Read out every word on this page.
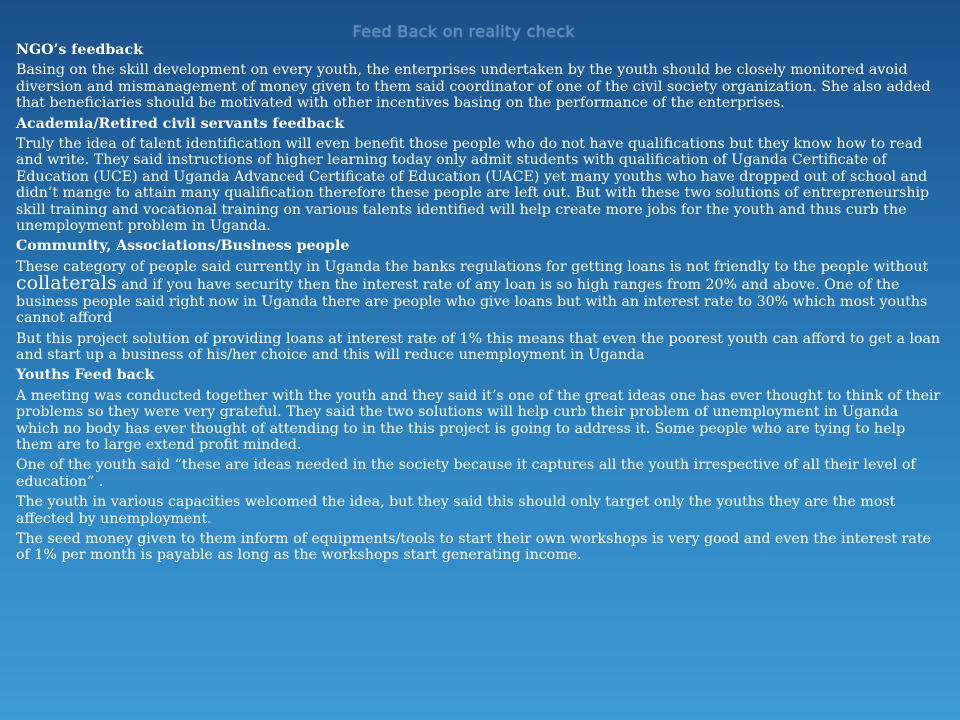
Feed Back on reality check

NGO’s feedback

Basing on the skill development on every youth, the enterprises undertaken by the youth should be closely monitored avoid diversion and mismanagement of money given to them said coordinator of one of the civil society organization. She also added that beneficiaries should be motivated with other incentives basing on the performance of the enterprises.

Academia/Retired civil servants feedback

Truly the idea of talent identification will even benefit those people who do not have qualifications but they know how to read and write. They said instructions of higher learning today only admit students with qualification of Uganda Certificate of Education (UCE) and Uganda Advanced Certificate of Education (UACE) yet many youths who have dropped out of school and didn’t mange to attain many qualification therefore these people are left out. But with these two solutions of entrepreneurship skill training and vocational training on various talents identified will help create more jobs for the youth and thus curb the unemployment problem in Uganda.

Community, Associations/Business people

These category of people said currently in Uganda the banks regulations for getting loans is not friendly to the people without collaterals and if you have security then the interest rate of any loan is so high ranges from 20% and above. One of the business people said right now in Uganda there are people who give loans but with an interest rate to 30% which most youths cannot afford

But this project solution of providing loans at interest rate of 1% this means that even the poorest youth can afford to get a loan and start up a business of his/her choice and this will reduce unemployment in Uganda

Youths Feed back

A meeting was conducted together with the youth and they said it’s one of the great ideas one has ever thought to think of their problems so they were very grateful. They said the two solutions will help curb their problem of unemployment in Uganda which no body has ever thought of attending to in the this project is going to address it. Some people who are tying to help them are to large extend profit minded.

One of the youth said “these are ideas needed in the society because it captures all the youth irrespective of all their level of education” .

The youth in various capacities welcomed the idea, but they said this should only target only the youths they are the most affected by unemployment.

The seed money given to them inform of equipments/tools to start their own workshops is very good and even the interest rate of 1% per month is payable as long as the workshops start generating income.
